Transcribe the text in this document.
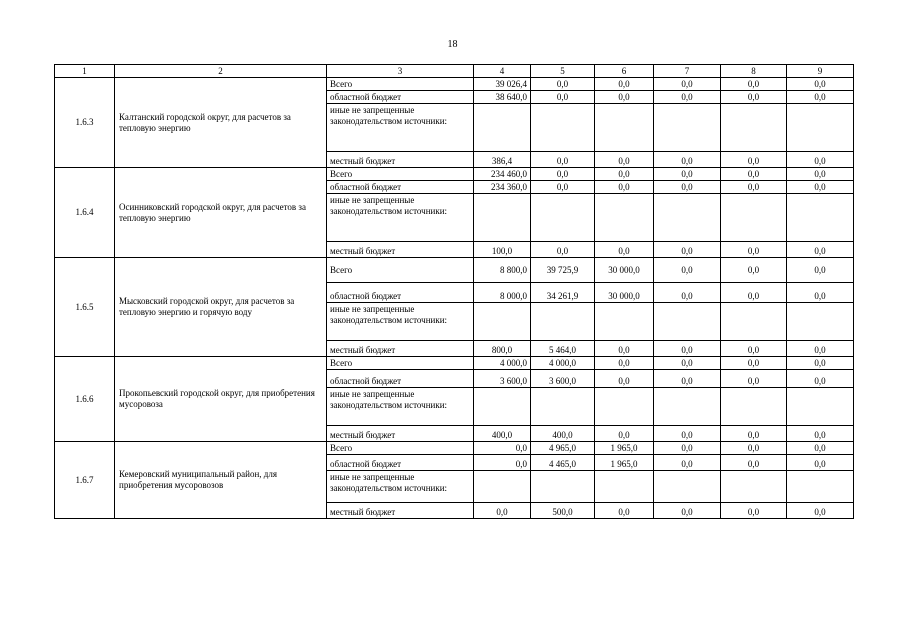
18
1	2	3	4	5	6	7	8	9
1.6.3	Калтанский городской округ, для расчетов за тепловую энергию	Всего	39 026,4	0,0	0,0	0,0	0,0	0,0
		областной бюджет	38 640,0	0,0	0,0	0,0	0,0	0,0
		иные не запрещенные законодательством источники:						
		местный бюджет	386,4	0,0	0,0	0,0	0,0	0,0
1.6.4	Осинниковский городской округ, для расчетов за тепловую энергию	Всего	234 460,0	0,0	0,0	0,0	0,0	0,0
		областной бюджет	234 360,0	0,0	0,0	0,0	0,0	0,0
		иные не запрещенные законодательством источники:						
		местный бюджет	100,0	0,0	0,0	0,0	0,0	0,0
1.6.5	Мысковский городской округ, для расчетов за тепловую энергию и горячую воду	Всего	8 800,0	39 725,9	30 000,0	0,0	0,0	0,0
		областной бюджет	8 000,0	34 261,9	30 000,0	0,0	0,0	0,0
		иные не запрещенные законодательством источники:						
		местный бюджет	800,0	5 464,0	0,0	0,0	0,0	0,0
1.6.6	Прокопьевский городской округ, для приобретения мусоровоза	Всего	4 000,0	4 000,0	0,0	0,0	0,0	0,0
		областной бюджет	3 600,0	3 600,0	0,0	0,0	0,0	0,0
		иные не запрещенные законодательством источники:						
		местный бюджет	400,0	400,0	0,0	0,0	0,0	0,0
1.6.7	Кемеровский муниципальный район, для приобретения мусоровозов	Всего	0,0	4 965,0	1 965,0	0,0	0,0	0,0
		областной бюджет	0,0	4 465,0	1 965,0	0,0	0,0	0,0
		иные не запрещенные законодательством источники:						
		местный бюджет	0,0	500,0	0,0	0,0	0,0	0,0
